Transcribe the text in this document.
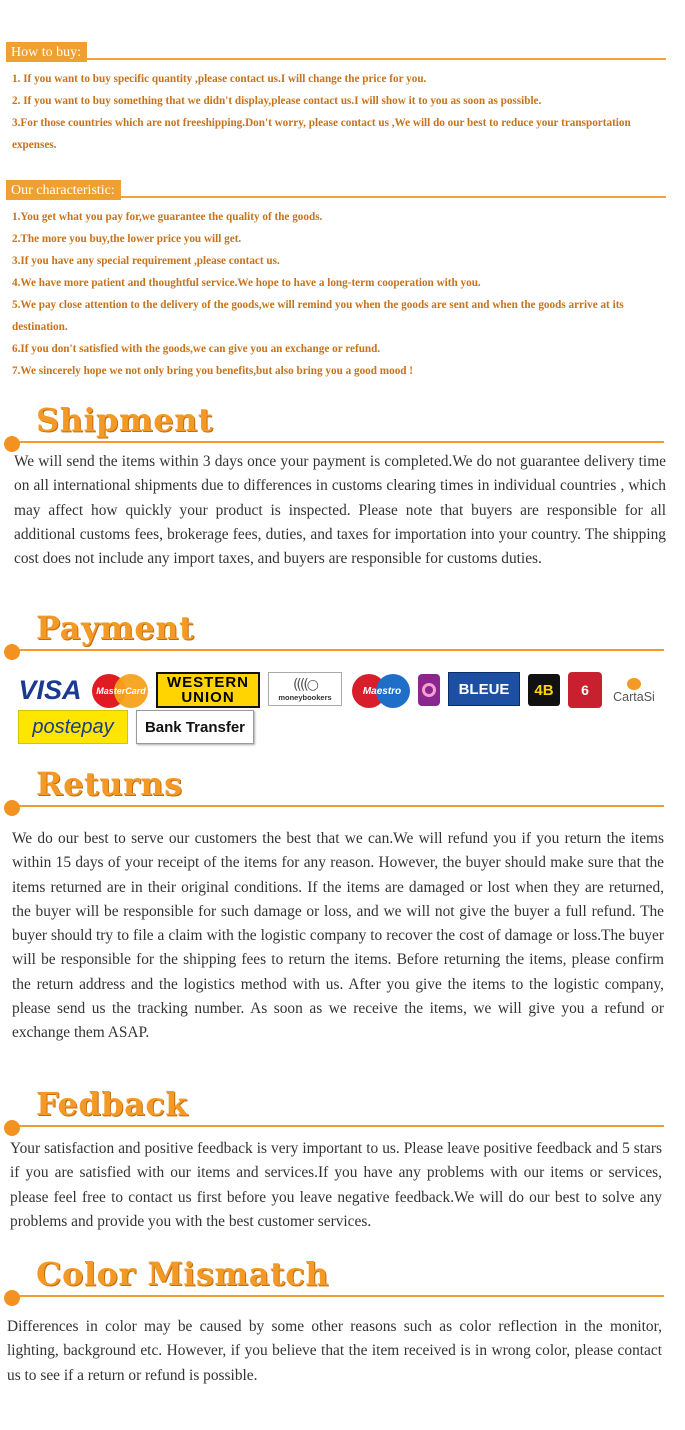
How to buy:
1. If you want to buy specific quantity ,please contact us.I will change the price for you.
2. If you want to buy something that we didn't display,please contact us.I will show it to you as soon as possible.
3.For those countries which are not freeshipping.Don't worry, please contact us ,We will do our best to reduce your transportation expenses.
Our characteristic:
1.You get what you pay for,we guarantee the quality of the goods.
2.The more you buy,the lower price you will get.
3.If you have any special requirement ,please contact us.
4.We have more patient and thoughtful service.We hope to have a long-term cooperation with you.
5.We pay close attention to the delivery of the goods,we will remind you when the goods are sent and when the goods arrive at its destination.
6.If you don't satisfied with the goods,we can give you an exchange or refund.
7.We sincerely hope we not only bring you benefits,but also bring you a good mood !
Shipment

We will send the items within 3 days once your payment is completed.We do not guarantee delivery time on all international shipments due to differences in customs clearing times in individual countries , which may affect how quickly your product is inspected. Please note that buyers are responsible for all additional customs fees, brokerage fees, duties, and taxes for importation into your country. The shipping cost does not include any import taxes, and buyers are responsible for customs duties.

Payment
VISA MasterCard WESTERN
UNION
((((○
moneybookers
Maestro	BLEUE 4B 6 CartaSi
postepay Bank Transfer
Returns

We do our best to serve our customers the best that we can.We will refund you if you return the items within 15 days of your receipt of the items for any reason. However, the buyer should make sure that the items returned are in their original conditions. If the items are damaged or lost when they are returned, the buyer will be responsible for such damage or loss, and we will not give the buyer a full refund. The buyer should try to file a claim with the logistic company to recover the cost of damage or loss.The buyer will be responsible for the shipping fees to return the items. Before returning the items, please confirm the return address and the logistics method with us. After you give the items to the logistic company, please send us the tracking number. As soon as we receive the items, we will give you a refund or exchange them ASAP.

Fedback

Your satisfaction and positive feedback is very important to us. Please leave positive feedback and 5 stars if you are satisfied with our items and services.If you have any problems with our items or services, please feel free to contact us first before you leave negative feedback.We will do our best to solve any problems and provide you with the best customer services.

Color Mismatch

Differences in color may be caused by some other reasons such as color reflection in the monitor, lighting, background etc. However, if you believe that the item received is in wrong color, please contact us to see if a return or refund is possible.
